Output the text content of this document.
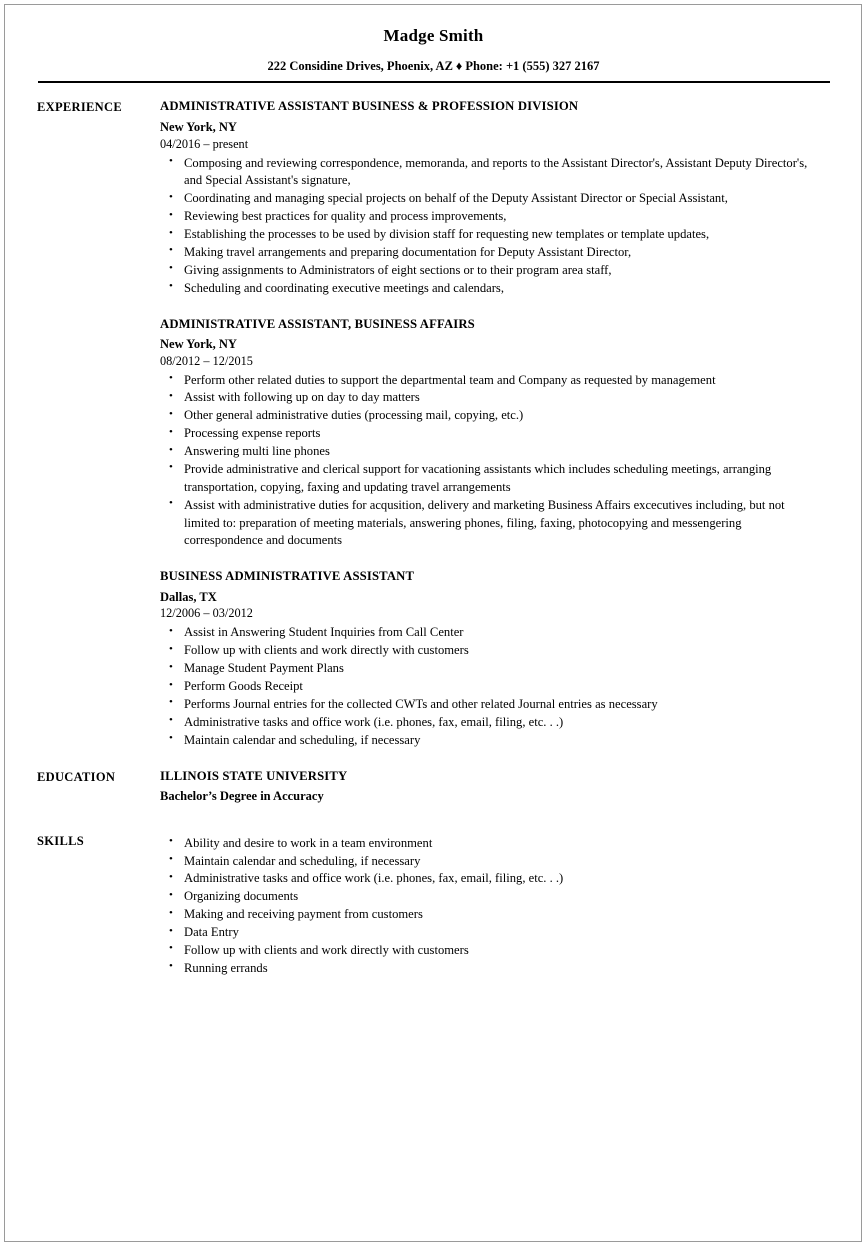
Madge Smith
222 Considine Drives, Phoenix, AZ ♦ Phone: +1 (555) 327 2167
EXPERIENCE	ADMINISTRATIVE ASSISTANT BUSINESS & PROFESSION DIVISION
New York, NY
04/2016 – present
• Composing and reviewing correspondence, memoranda, and reports to the Assistant Director's, Assistant Deputy Director's, and Special Assistant's signature,
• Coordinating and managing special projects on behalf of the Deputy Assistant Director or Special Assistant,
• Reviewing best practices for quality and process improvements,
• Establishing the processes to be used by division staff for requesting new templates or template updates,
• Making travel arrangements and preparing documentation for Deputy Assistant Director,
• Giving assignments to Administrators of eight sections or to their program area staff,
• Scheduling and coordinating executive meetings and calendars,
ADMINISTRATIVE ASSISTANT, BUSINESS AFFAIRS
New York, NY
08/2012 – 12/2015
• Perform other related duties to support the departmental team and Company as requested by management
• Assist with following up on day to day matters
• Other general administrative duties (processing mail, copying, etc.)
• Processing expense reports
• Answering multi line phones
• Provide administrative and clerical support for vacationing assistants which includes scheduling meetings, arranging transportation, copying, faxing and updating travel arrangements
• Assist with administrative duties for acqusition, delivery and marketing Business Affairs excecutives including, but not limited to: preparation of meeting materials, answering phones, filing, faxing, photocopying and messengering correspondence and documents
BUSINESS ADMINISTRATIVE ASSISTANT
Dallas, TX
12/2006 – 03/2012
• Assist in Answering Student Inquiries from Call Center
• Follow up with clients and work directly with customers
• Manage Student Payment Plans
• Perform Goods Receipt
• Performs Journal entries for the collected CWTs and other related Journal entries as necessary
• Administrative tasks and office work (i.e. phones, fax, email, filing, etc. . .)
• Maintain calendar and scheduling, if necessary
EDUCATION	ILLINOIS STATE UNIVERSITY
Bachelor’s Degree in Accuracy
SKILLS	• Ability and desire to work in a team environment
• Maintain calendar and scheduling, if necessary
• Administrative tasks and office work (i.e. phones, fax, email, filing, etc. . .)
• Organizing documents
• Making and receiving payment from customers
• Data Entry
• Follow up with clients and work directly with customers
• Running errands
